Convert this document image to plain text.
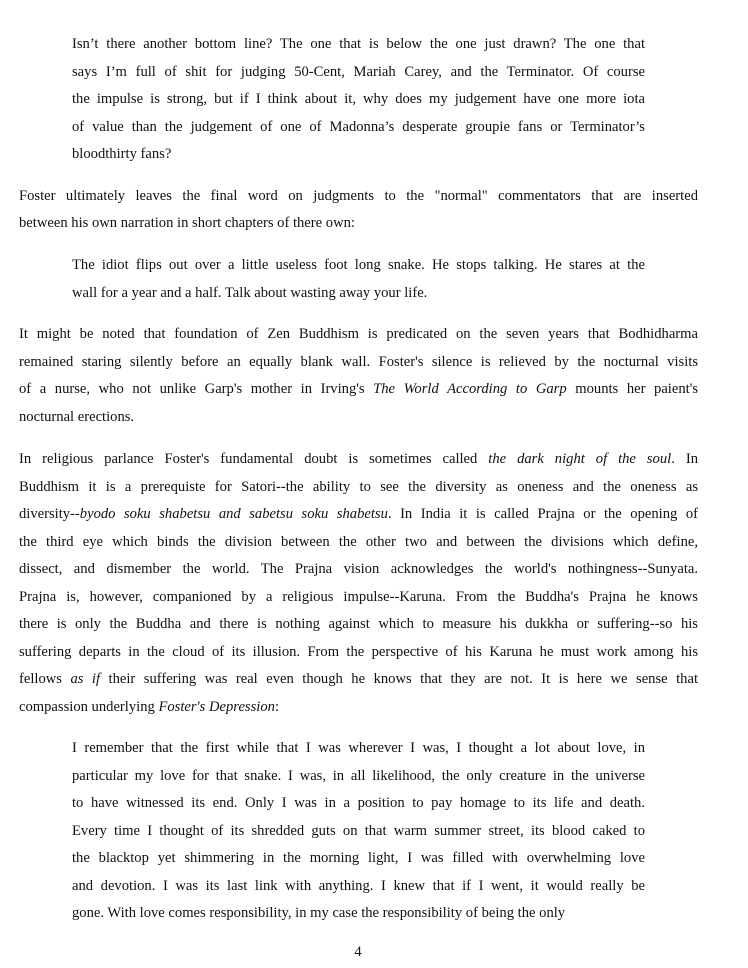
Isn’t there another bottom line? The one that is below the one just drawn? The one that
says I’m full of shit for judging 50-Cent, Mariah Carey, and the Terminator. Of course
the impulse is strong, but if I think about it, why does my judgement have one more iota
of value than the judgement of one of Madonna’s desperate groupie fans or Terminator’s
bloodthirty fans?
Foster ultimately leaves the final word on judgments to the "normal" commentators that are inserted
between his own narration in short chapters of there own:
The idiot flips out over a little useless foot long snake. He stops talking. He stares at the
wall for a year and a half. Talk about wasting away your life.
It might be noted that foundation of Zen Buddhism is predicated on the seven years that Bodhidharma
remained staring silently before an equally blank wall. Foster's silence is relieved by the nocturnal visits
of a nurse, who not unlike Garp's mother in Irving's The World According to Garp mounts her paient's
nocturnal erections.
In religious parlance Foster's fundamental doubt is sometimes called the dark night of the soul. In
Buddhism it is a prerequiste for Satori--the ability to see the diversity as oneness and the oneness as
diversity--byodo soku shabetsu and sabetsu soku shabetsu. In India it is called Prajna or the opening of
the third eye which binds the division between the other two and between the divisions which define,
dissect, and dismember the world. The Prajna vision acknowledges the world's nothingness--Sunyata.
Prajna is, however, companioned by a religious impulse--Karuna. From the Buddha's Prajna he knows
there is only the Buddha and there is nothing against which to measure his dukkha or suffering--so his
suffering departs in the cloud of its illusion. From the perspective of his Karuna he must work among his
fellows as if their suffering was real even though he knows that they are not. It is here we sense that
compassion underlying Foster's Depression:
I remember that the first while that I was wherever I was, I thought a lot about love, in
particular my love for that snake. I was, in all likelihood, the only creature in the universe
to have witnessed its end. Only I was in a position to pay homage to its life and death.
Every time I thought of its shredded guts on that warm summer street, its blood caked to
the blacktop yet shimmering in the morning light, I was filled with overwhelming love
and devotion. I was its last link with anything. I knew that if I went, it would really be
gone. With love comes responsibility, in my case the responsibility of being the only
4
